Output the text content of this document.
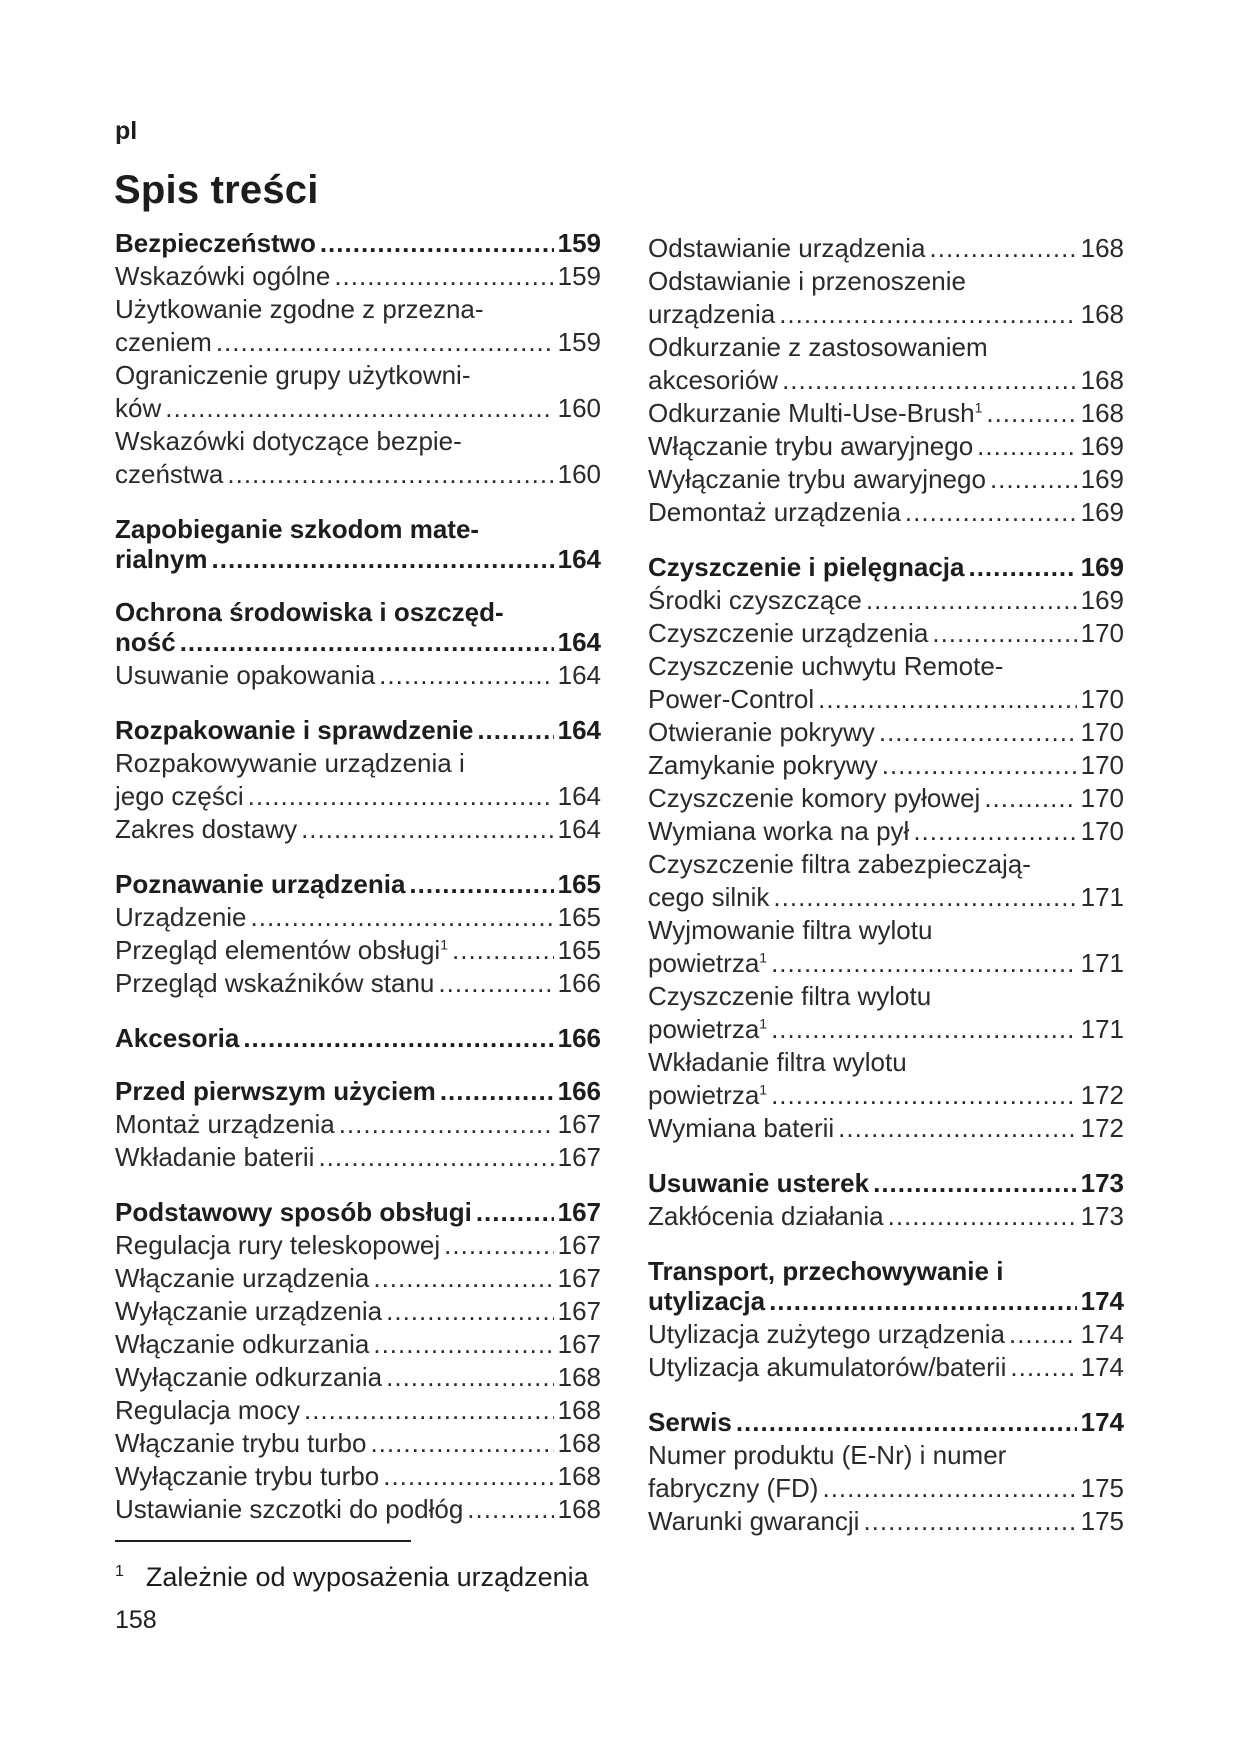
pl
Spis treści
Bezpieczeństwo .....	159
Wskazówki ogólne .....	159
Użytkowanie zgodne z przezna-
czeniem .....	159
Ograniczenie grupy użytkowni-
ków .....	160
Wskazówki dotyczące bezpie-
czeństwa .....	160
Zapobieganie szkodom mate-
rialnym .....	164
Ochrona środowiska i oszczęd-
ność .....	164
Usuwanie opakowania .....	164
Rozpakowanie i sprawdzenie .....	164
Rozpakowywanie urządzenia i
jego części .....	164
Zakres dostawy .....	164
Poznawanie urządzenia .....	165
Urządzenie .....	165
Przegląd elementów obsługi$^1$ .....	165
Przegląd wskaźników stanu .....	166
Akcesoria .....	166
Przed pierwszym użyciem .....	166
Montaż urządzenia .....	167
Wkładanie baterii .....	167
Podstawowy sposób obsługi .....	167
Regulacja rury teleskopowej .....	167
Włączanie urządzenia .....	167
Wyłączanie urządzenia .....	167
Włączanie odkurzania .....	167
Wyłączanie odkurzania .....	168
Regulacja mocy .....	168
Włączanie trybu turbo .....	168
Wyłączanie trybu turbo .....	168
Ustawianie szczotki do podłóg .....	168
Odstawianie urządzenia .....	168
Odstawianie i przenoszenie
urządzenia .....	168
Odkurzanie z zastosowaniem
akcesoriów .....	168
Odkurzanie Multi-Use-Brush$^1$ .....	168
Włączanie trybu awaryjnego .....	169
Wyłączanie trybu awaryjnego .....	169
Demontaż urządzenia .....	169
Czyszczenie i pielęgnacja .....	169
Środki czyszczące .....	169
Czyszczenie urządzenia .....	170
Czyszczenie uchwytu Remote-
Power-Control .....	170
Otwieranie pokrywy .....	170
Zamykanie pokrywy .....	170
Czyszczenie komory pyłowej .....	170
Wymiana worka na pył .....	170
Czyszczenie filtra zabezpieczają-
cego silnik .....	171
Wyjmowanie filtra wylotu
powietrza$^1$ .....	171
Czyszczenie filtra wylotu
powietrza$^1$ .....	171
Wkładanie filtra wylotu
powietrza$^1$ .....	172
Wymiana baterii .....	172
Usuwanie usterek .....	173
Zakłócenia działania .....	173
Transport, przechowywanie i
utylizacja .....	174
Utylizacja zużytego urządzenia .....	174
Utylizacja akumulatorów/baterii .....	174
Serwis .....	174
Numer produktu (E-Nr) i numer
fabryczny (FD) .....	175
Warunki gwarancji .....	175
$^1$ Zależnie od wyposażenia urządzenia
158
